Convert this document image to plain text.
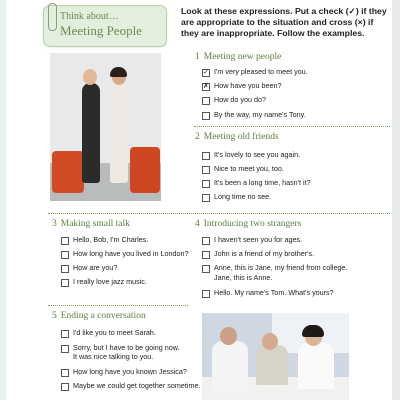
Think about…
Meeting People
Look at these expressions. Put a check (✓) if they are appropriate to the situation and cross (×) if they are inappropriate. Follow the examples.
1 Meeting new people
✓ I'm very pleased to meet you.
✗ How have you been?
How do you do?
By the way, my name's Tony.
2 Meeting old friends
It's lovely to see you again.
Nice to meet you, too.
It's been a long time, hasn't it?
Long time no see.
3 Making small talk
Hello, Bob, I'm Charles.
How long have you lived in London?
How are you?
I really love jazz music.
4 Introducing two strangers
I haven't seen you for ages.
John is a friend of my brother's.
Anne, this is Jane, my friend from college.
Jane, this is Anne.
Hello. My name's Tom. What's yours?
5 Ending a conversation
I'd like you to meet Sarah.
Sorry, but I have to be going now.
It was nice talking to you.
How long have you known Jessica?
Maybe we could get together sometime.
